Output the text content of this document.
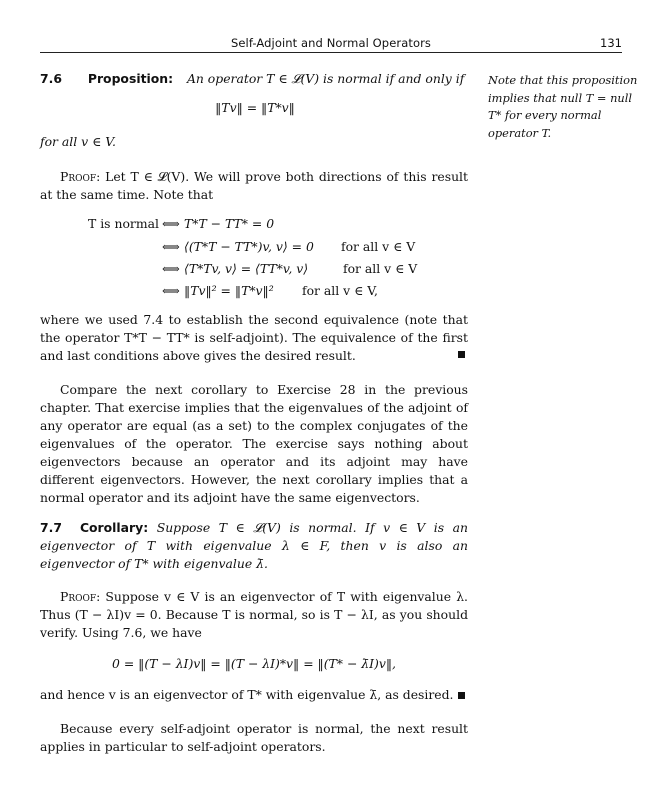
Self-Adjoint and Normal Operators	131
7.6 Proposition: An operator T ∈ 𝓛(V) is normal if and only if
‖Tv‖ = ‖T*v‖
for all v ∈ V.
Note that this proposition implies that null T = null T* for every normal operator T.
Proof: Let T ∈ 𝓛(V). We will prove both directions of this result at the same time. Note that
T is normal ⟺ T*T − TT* = 0
⟺ ⟨(T*T − TT*)v, v⟩ = 0 for all v ∈ V
⟺ ⟨T*Tv, v⟩ = ⟨TT*v, v⟩	for all v ∈ V
⟺ ‖Tv‖² = ‖T*v‖² for all v ∈ V,
where we used 7.4 to establish the second equivalence (note that the operator T*T − TT* is self-adjoint). The equivalence of the first and last conditions above gives the desired result.
Compare the next corollary to Exercise 28 in the previous chapter. That exercise implies that the eigenvalues of the adjoint of any operator are equal (as a set) to the complex conjugates of the eigenvalues of the operator. The exercise says nothing about eigenvectors because an operator and its adjoint may have different eigenvectors. However, the next corollary implies that a normal operator and its adjoint have the same eigenvectors.
7.7 Corollary: Suppose T ∈ 𝓛(V) is normal. If v ∈ V is an eigenvector of T with eigenvalue λ ∈ F, then v is also an eigenvector of T* with eigenvalue λ̄.
Proof: Suppose v ∈ V is an eigenvector of T with eigenvalue λ. Thus (T − λI)v = 0. Because T is normal, so is T − λI, as you should verify. Using 7.6, we have
0 = ‖(T − λI)v‖ = ‖(T − λI)*v‖ = ‖(T* − λ̄I)v‖,
and hence v is an eigenvector of T* with eigenvalue λ̄, as desired.
Because every self-adjoint operator is normal, the next result applies in particular to self-adjoint operators.
